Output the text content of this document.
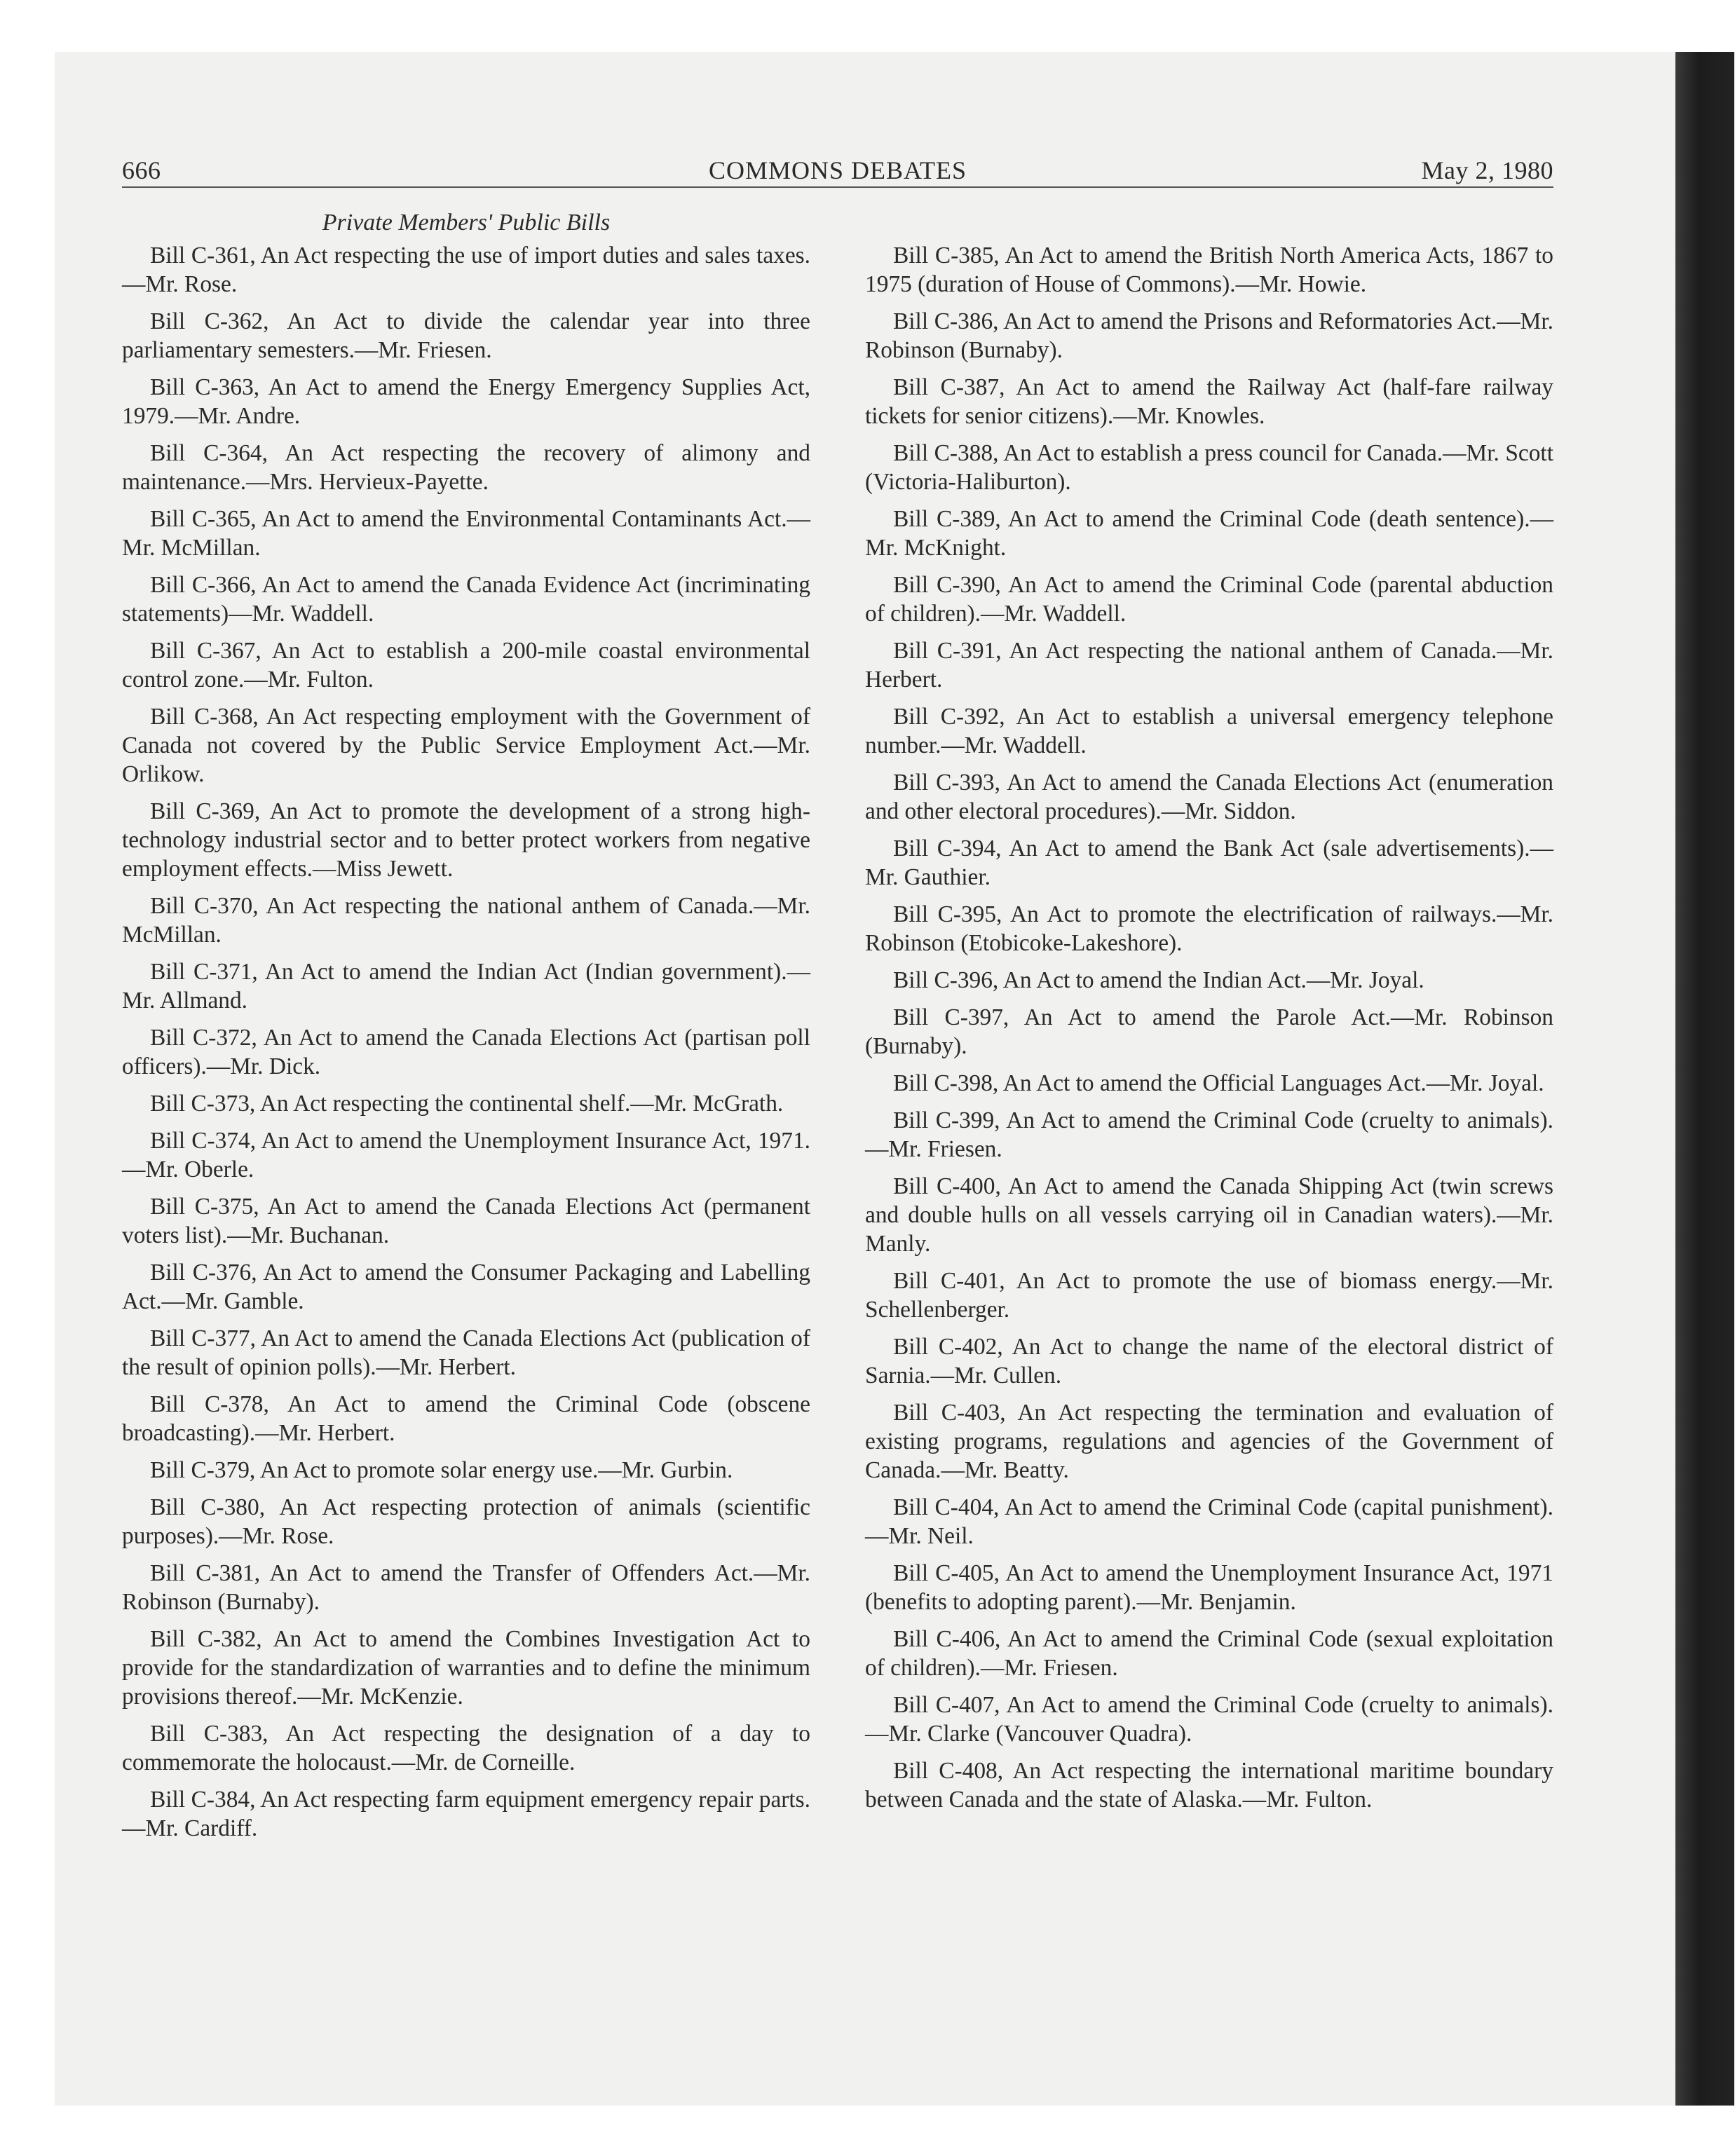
666	COMMONS DEBATES	May 2, 1980
Private Members' Public Bills

Bill C-361, An Act respecting the use of import duties and sales taxes.—Mr. Rose.

Bill C-362, An Act to divide the calendar year into three parliamentary semesters.—Mr. Friesen.

Bill C-363, An Act to amend the Energy Emergency Supplies Act, 1979.—Mr. Andre.

Bill C-364, An Act respecting the recovery of alimony and maintenance.—Mrs. Hervieux-Payette.

Bill C-365, An Act to amend the Environmental Contaminants Act.—Mr. McMillan.

Bill C-366, An Act to amend the Canada Evidence Act (incriminating statements)—Mr. Waddell.

Bill C-367, An Act to establish a 200-mile coastal environmental control zone.—Mr. Fulton.

Bill C-368, An Act respecting employment with the Government of Canada not covered by the Public Service Employment Act.—Mr. Orlikow.

Bill C-369, An Act to promote the development of a strong high-technology industrial sector and to better protect workers from negative employment effects.—Miss Jewett.

Bill C-370, An Act respecting the national anthem of Canada.—Mr. McMillan.

Bill C-371, An Act to amend the Indian Act (Indian government).—Mr. Allmand.

Bill C-372, An Act to amend the Canada Elections Act (partisan poll officers).—Mr. Dick.

Bill C-373, An Act respecting the continental shelf.—Mr. McGrath.

Bill C-374, An Act to amend the Unemployment Insurance Act, 1971.—Mr. Oberle.

Bill C-375, An Act to amend the Canada Elections Act (permanent voters list).—Mr. Buchanan.

Bill C-376, An Act to amend the Consumer Packaging and Labelling Act.—Mr. Gamble.

Bill C-377, An Act to amend the Canada Elections Act (publication of the result of opinion polls).—Mr. Herbert.

Bill C-378, An Act to amend the Criminal Code (obscene broadcasting).—Mr. Herbert.

Bill C-379, An Act to promote solar energy use.—Mr. Gurbin.

Bill C-380, An Act respecting protection of animals (scientific purposes).—Mr. Rose.

Bill C-381, An Act to amend the Transfer of Offenders Act.—Mr. Robinson (Burnaby).

Bill C-382, An Act to amend the Combines Investigation Act to provide for the standardization of warranties and to define the minimum provisions thereof.—Mr. McKenzie.

Bill C-383, An Act respecting the designation of a day to commemorate the holocaust.—Mr. de Corneille.

Bill C-384, An Act respecting farm equipment emergency repair parts.—Mr. Cardiff.

Bill C-385, An Act to amend the British North America Acts, 1867 to 1975 (duration of House of Commons).—Mr. Howie.

Bill C-386, An Act to amend the Prisons and Reformatories Act.—Mr. Robinson (Burnaby).

Bill C-387, An Act to amend the Railway Act (half-fare railway tickets for senior citizens).—Mr. Knowles.

Bill C-388, An Act to establish a press council for Canada.—Mr. Scott (Victoria-Haliburton).

Bill C-389, An Act to amend the Criminal Code (death sentence).—Mr. McKnight.

Bill C-390, An Act to amend the Criminal Code (parental abduction of children).—Mr. Waddell.

Bill C-391, An Act respecting the national anthem of Canada.—Mr. Herbert.

Bill C-392, An Act to establish a universal emergency telephone number.—Mr. Waddell.

Bill C-393, An Act to amend the Canada Elections Act (enumeration and other electoral procedures).—Mr. Siddon.

Bill C-394, An Act to amend the Bank Act (sale advertisements).—Mr. Gauthier.

Bill C-395, An Act to promote the electrification of railways.—Mr. Robinson (Etobicoke-Lakeshore).

Bill C-396, An Act to amend the Indian Act.—Mr. Joyal.

Bill C-397, An Act to amend the Parole Act.—Mr. Robinson (Burnaby).

Bill C-398, An Act to amend the Official Languages Act.—Mr. Joyal.

Bill C-399, An Act to amend the Criminal Code (cruelty to animals).—Mr. Friesen.

Bill C-400, An Act to amend the Canada Shipping Act (twin screws and double hulls on all vessels carrying oil in Canadian waters).—Mr. Manly.

Bill C-401, An Act to promote the use of biomass energy.—Mr. Schellenberger.

Bill C-402, An Act to change the name of the electoral district of Sarnia.—Mr. Cullen.

Bill C-403, An Act respecting the termination and evaluation of existing programs, regulations and agencies of the Government of Canada.—Mr. Beatty.

Bill C-404, An Act to amend the Criminal Code (capital punishment).—Mr. Neil.

Bill C-405, An Act to amend the Unemployment Insurance Act, 1971 (benefits to adopting parent).—Mr. Benjamin.

Bill C-406, An Act to amend the Criminal Code (sexual exploitation of children).—Mr. Friesen.

Bill C-407, An Act to amend the Criminal Code (cruelty to animals).—Mr. Clarke (Vancouver Quadra).

Bill C-408, An Act respecting the international maritime boundary between Canada and the state of Alaska.—Mr. Fulton.
